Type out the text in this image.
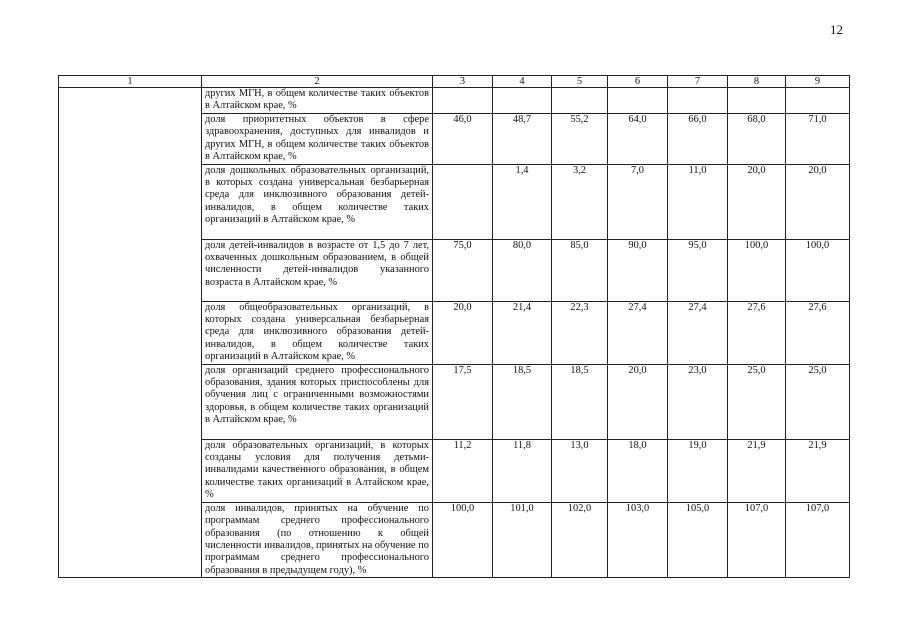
12
1	2	3	4	5	6	7	8	9
	других МГН, в общем количестве таких объектов в Алтайском крае, %							
	доля приоритетных объектов в сфере здравоохранения, доступных для инвалидов и других МГН, в общем количестве таких объектов в Алтайском крае, %	46,0	48,7	55,2	64,0	66,0	68,0	71,0
	доля дошкольных образовательных организаций, в которых создана универсальная безбарьерная среда для инклюзивного образования детей-инвалидов, в общем количестве таких организаций в Алтайском крае, %		1,4	3,2	7,0	11,0	20,0	20,0
	доля детей-инвалидов в возрасте от 1,5 до 7 лет, охваченных дошкольным образованием, в общей численности детей-инвалидов указанного возраста в Алтайском крае, %	75,0	80,0	85,0	90,0	95,0	100,0	100,0
	доля общеобразовательных организаций, в которых создана универсальная безбарьерная среда для инклюзивного образования детей-инвалидов, в общем количестве таких организаций в Алтайском крае, %	20,0	21,4	22,3	27,4	27,4	27,6	27,6
	доля организаций среднего профессионального образования, здания которых приспособлены для обучения лиц с ограниченными возможностями здоровья, в общем количестве таких организаций в Алтайском крае, %	17,5	18,5	18,5	20,0	23,0	25,0	25,0
	доля образовательных организаций, в которых созданы условия для получения детьми-инвалидами качественного образования, в общем количестве таких организаций в Алтайском крае, %	11,2	11,8	13,0	18,0	19,0	21,9	21,9
	доля инвалидов, принятых на обучение по программам среднего профессионального образования (по отношению к общей численности инвалидов, принятых на обучение по программам среднего профессионального образования в предыдущем году), %	100,0	101,0	102,0	103,0	105,0	107,0	107,0
